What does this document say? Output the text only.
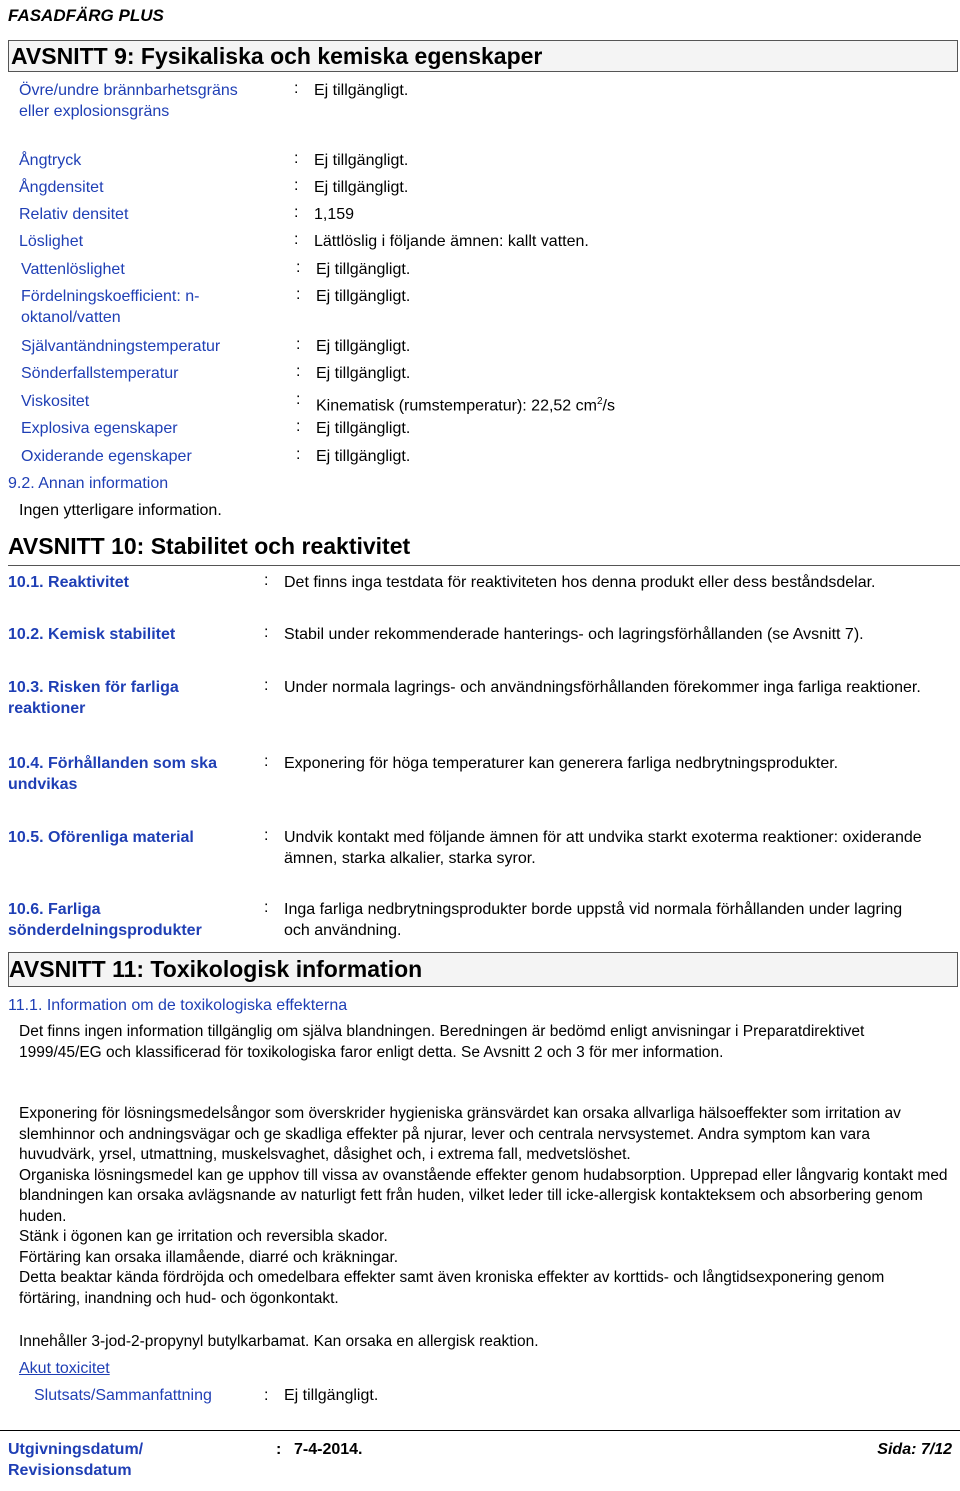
FASADFÄRG PLUS
AVSNITT 9: Fysikaliska och kemiska egenskaper
Övre/undre brännbarhetsgräns eller explosionsgräns
: Ej tillgängligt.
Ångtryck	: Ej tillgängligt.
Ångdensitet	: Ej tillgängligt.
Relativ densitet	: 1,159
Löslighet	: Lättlöslig i följande ämnen: kallt vatten.
Vattenlöslighet	: Ej tillgängligt.
Fördelningskoefficient: n-oktanol/vatten
: Ej tillgängligt.
Självantändningstemperatur	: Ej tillgängligt.
Sönderfallstemperatur	: Ej tillgängligt.
Viskositet	: Kinematisk (rumstemperatur): 22,52 $cm^2/s$
Explosiva egenskaper	: Ej tillgängligt.
Oxiderande egenskaper	: Ej tillgängligt.
9.2. Annan information
Ingen ytterligare information.
AVSNITT 10: Stabilitet och reaktivitet
10.1. Reaktivitet	: Det finns inga testdata för reaktiviteten hos denna produkt eller dess beståndsdelar.
10.2. Kemisk stabilitet	: Stabil under rekommenderade hanterings- och lagringsförhållanden (se Avsnitt 7).
10.3. Risken för farliga reaktioner
: Under normala lagrings- och användningsförhållanden förekommer inga farliga reaktioner.
10.4. Förhållanden som ska undvikas
: Exponering för höga temperaturer kan generera farliga nedbrytningsprodukter.
10.5. Oförenliga material	: Undvik kontakt med följande ämnen för att undvika starkt exoterma reaktioner: oxiderande ämnen, starka alkalier, starka syror.
10.6. Farliga sönderdelningsprodukter
: Inga farliga nedbrytningsprodukter borde uppstå vid normala förhållanden under lagring och användning.
AVSNITT 11: Toxikologisk information
11.1. Information om de toxikologiska effekterna
Det finns ingen information tillgänglig om själva blandningen. Beredningen är bedömd enligt anvisningar i Preparatdirektivet 1999/45/EG och klassificerad för toxikologiska faror enligt detta. Se Avsnitt 2 och 3 för mer information.
Exponering för lösningsmedelsångor som överskrider hygieniska gränsvärdet kan orsaka allvarliga hälsoeffekter som irritation av slemhinnor och andningsvägar och ge skadliga effekter på njurar, lever och centrala nervsystemet. Andra symptom kan vara huvudvärk, yrsel, utmattning, muskelsvaghet, dåsighet och, i extrema fall, medvetslöshet.
Organiska lösningsmedel kan ge upphov till vissa av ovanstående effekter genom hudabsorption. Upprepad eller långvarig kontakt med blandningen kan orsaka avlägsnande av naturligt fett från huden, vilket leder till icke-allergisk kontakteksem och absorbering genom huden.
Stänk i ögonen kan ge irritation och reversibla skador.
Förtäring kan orsaka illamående, diarré och kräkningar.
Detta beaktar kända fördröjda och omedelbara effekter samt även kroniska effekter av korttids- och långtidsexponering genom förtäring, inandning och hud- och ögonkontakt.
Innehåller 3-jod-2-propynyl butylkarbamat. Kan orsaka en allergisk reaktion.
Akut toxicitet
Slutsats/Sammanfattning	: Ej tillgängligt.
Utgivningsdatum/
Revisionsdatum
: 7-4-2014.	Sida: 7/12
